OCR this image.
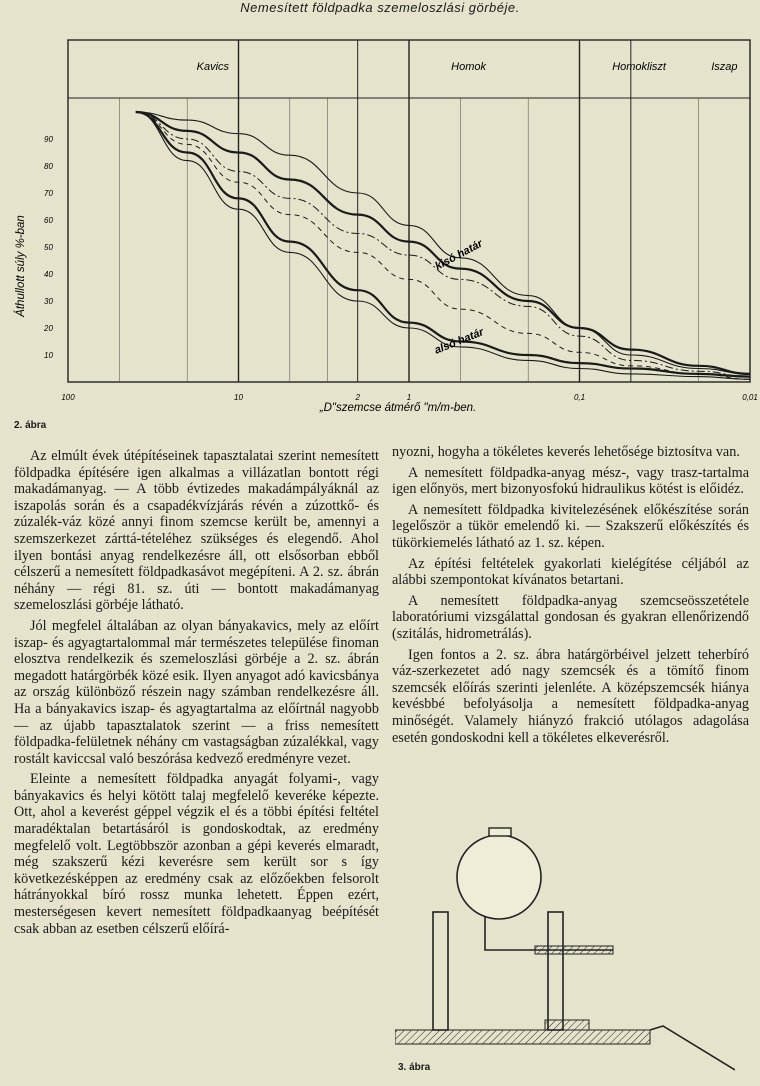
Nemesített földpadka szemeloszlási görbéje.
Kavics	Homok	Homokliszt	Iszap
90
80
70
60
50
40
30
20
10
100	10	2	1	0,1	0,01
kisó határ
alsó határ
Áthullott súly %-ban
„D"szemcse átmérő "m/m-ben.
2. ábra

Az elmúlt évek útépítéseinek tapasztalatai szerint nemesített földpadka építésére igen alkalmas a villázatlan bontott régi makadámanyag. — A több évtizedes makadámpályáknál az iszapolás során és a csapadékvízjárás révén a zúzottkő- és zúzalék-váz közé annyi finom szemcse került be, amennyi a szemszerkezet zárttá-tételéhez szükséges és elegendő. Ahol ilyen bontási anyag rendelkezésre áll, ott elsősorban ebből célszerű a nemesített földpadkasávot megépíteni. A 2. sz. ábrán néhány — régi 81. sz. úti — bontott makadámanyag szemeloszlási görbéje látható.

Jól megfelel általában az olyan bányakavics, mely az előírt iszap- és agyagtartalommal már természetes települése finoman elosztva rendelkezik és szemeloszlási görbéje a 2. sz. ábrán megadott határgörbék közé esik. Ilyen anyagot adó kavicsbánya az ország különböző részein nagy számban rendelkezésre áll. Ha a bányakavics iszap- és agyagtartalma az előírtnál nagyobb — az újabb tapasztalatok szerint — a friss nemesített földpadka-felületnek néhány cm vastagságban zúzalékkal, vagy rostált kaviccsal való beszórása kedvező eredményre vezet.

Eleinte a nemesített földpadka anyagát folyami-, vagy bányakavics és helyi kötött talaj megfelelő keveréke képezte. Ott, ahol a keverést géppel végzik el és a többi építési feltétel maradéktalan betartásáról is gondoskodtak, az eredmény megfelelő volt. Legtöbbször azonban a gépi keverés elmaradt, még szakszerű kézi keverésre sem került sor s így következésképpen az eredmény csak az előzőekben felsorolt hátrányokkal bíró rossz munka lehetett. Éppen ezért, mesterségesen kevert nemesített földpadkaanyag beépítését csak abban az esetben célszerű előírá-

nyozni, hogyha a tökéletes keverés lehetősége biztosítva van.

A nemesített földpadka-anyag mész-, vagy trasz-tartalma igen előnyös, mert bizonyosfokú hidraulikus kötést is előidéz.

A nemesített földpadka kivitelezésének előkészítése során legelőször a tükör emelendő ki. — Szakszerű előkészítés és tükörkiemelés látható az 1. sz. képen.

Az építési feltételek gyakorlati kielégítése céljából az alábbi szempontokat kívánatos betartani.

A nemesített földpadka-anyag szemcseösszetétele laboratóriumi vizsgálattal gondosan és gyakran ellenőrizendő (szitálás, hidrometrálás).

Igen fontos a 2. sz. ábra határgörbéivel jelzett teherbíró váz-szerkezetet adó nagy szemcsék és a tömítő finom szemcsék előírás szerinti jelenléte. A középszemcsék hiánya kevésbbé befolyásolja a nemesített földpadka-anyag minőségét. Valamely hiányzó frakció utólagos adagolása esetén gondoskodni kell a tökéletes elkeverésről.

3. ábra
